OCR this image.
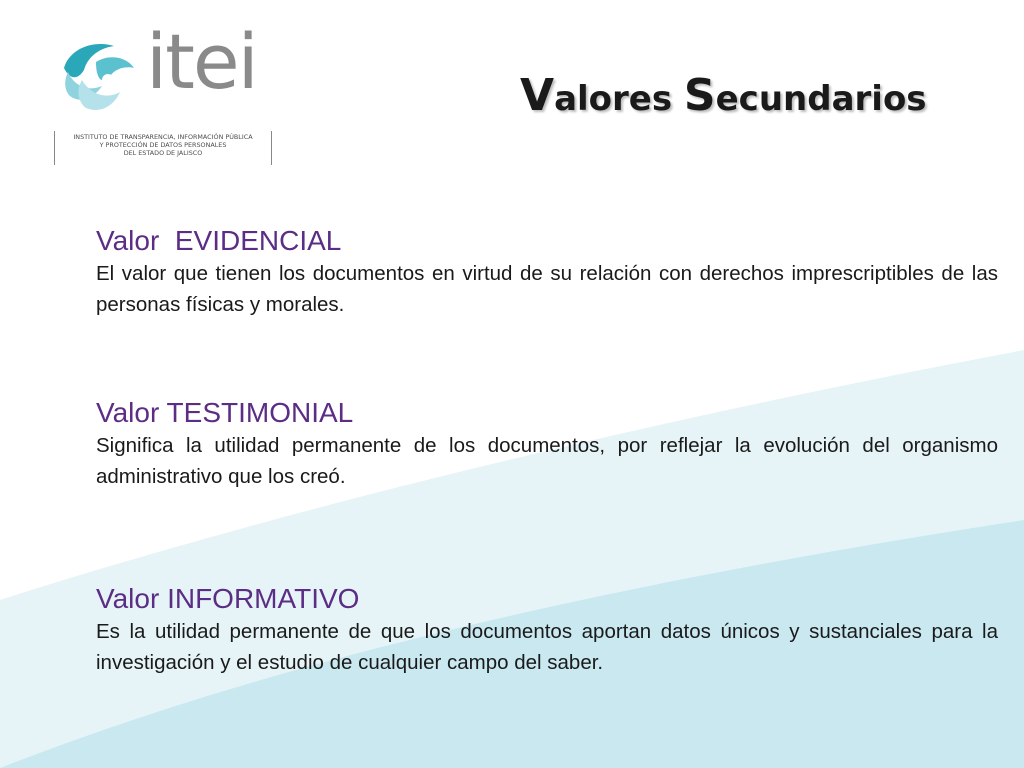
itei
INSTITUTO DE TRANSPARENCIA, INFORMACIÓN PÚBLICA
Y PROTECCIÓN DE DATOS PERSONALES
DEL ESTADO DE JALISCO
Valores Secundarios
Valor  EVIDENCIAL

El valor que tienen los documentos en virtud de su relación con derechos imprescriptibles de las personas físicas y morales.

Valor TESTIMONIAL

Significa la utilidad permanente de los documentos, por reflejar la evolución del organismo administrativo que los creó.

Valor INFORMATIVO

Es la utilidad permanente de que los documentos aportan datos únicos y sustanciales para la investigación y el estudio de cualquier campo del saber.
